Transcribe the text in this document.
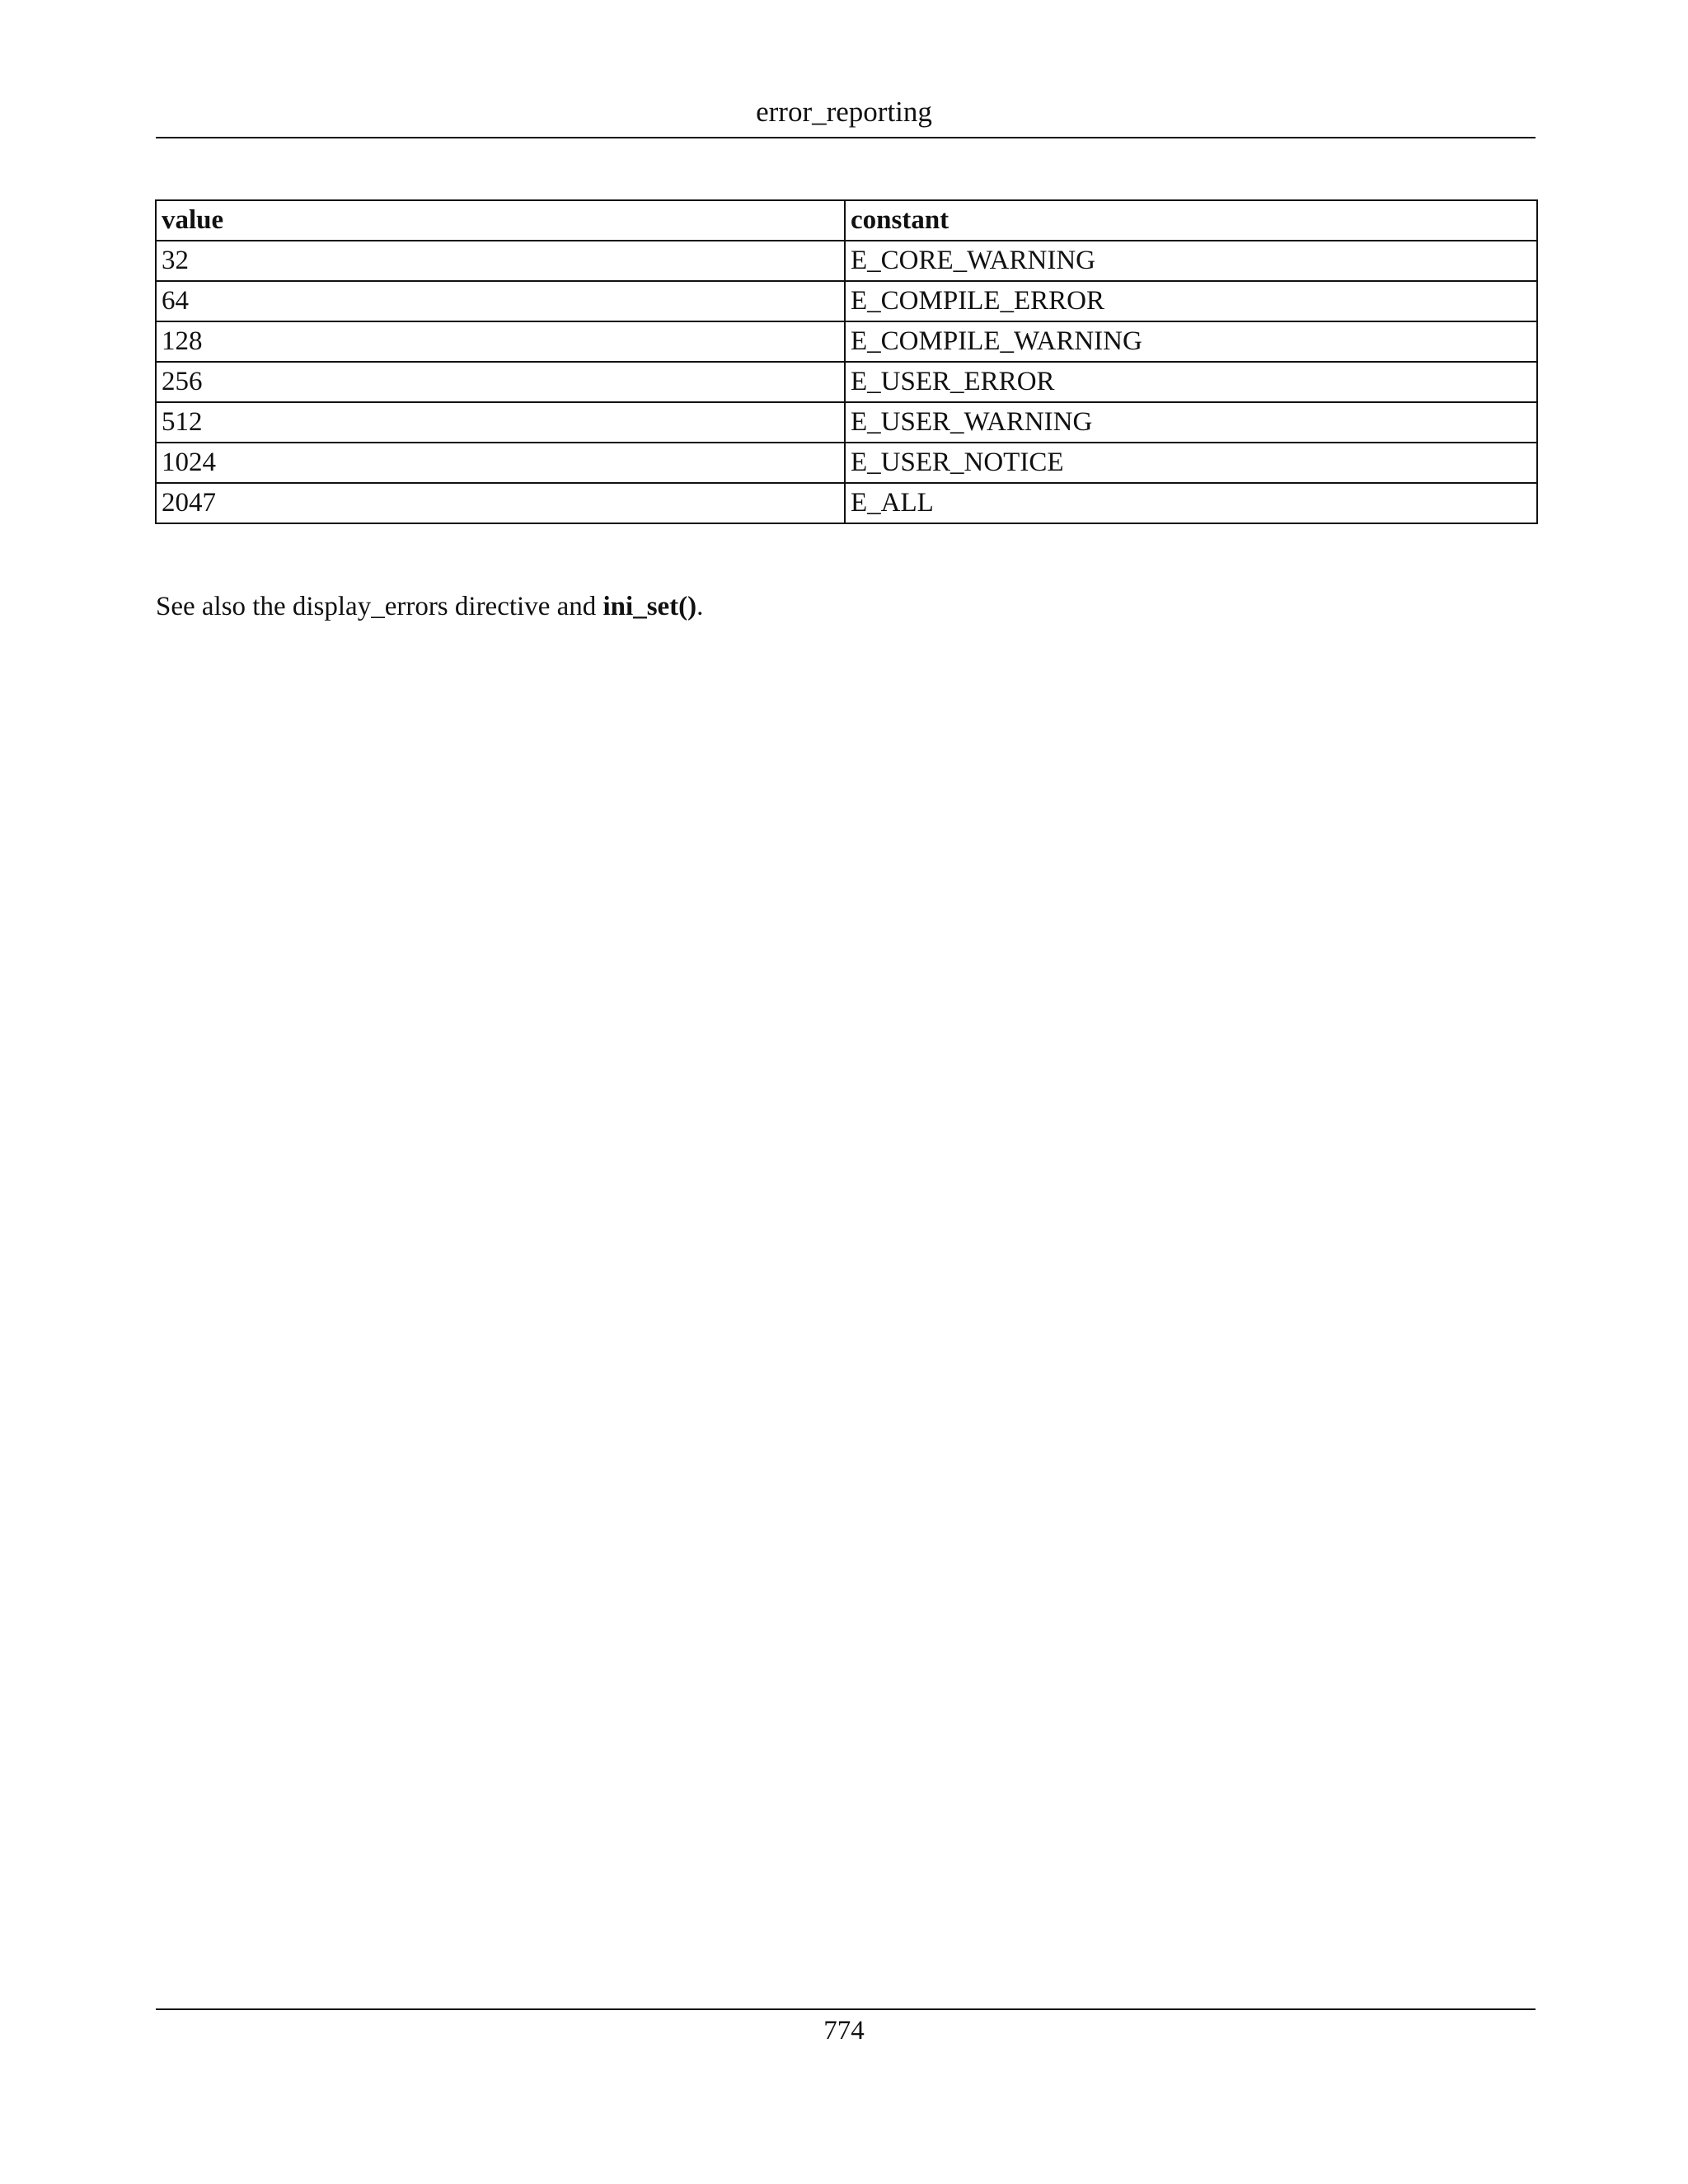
error_reporting
value	constant
32	E_CORE_WARNING
64	E_COMPILE_ERROR
128	E_COMPILE_WARNING
256	E_USER_ERROR
512	E_USER_WARNING
1024	E_USER_NOTICE
2047	E_ALL

See also the display_errors directive and ini_set().

774
